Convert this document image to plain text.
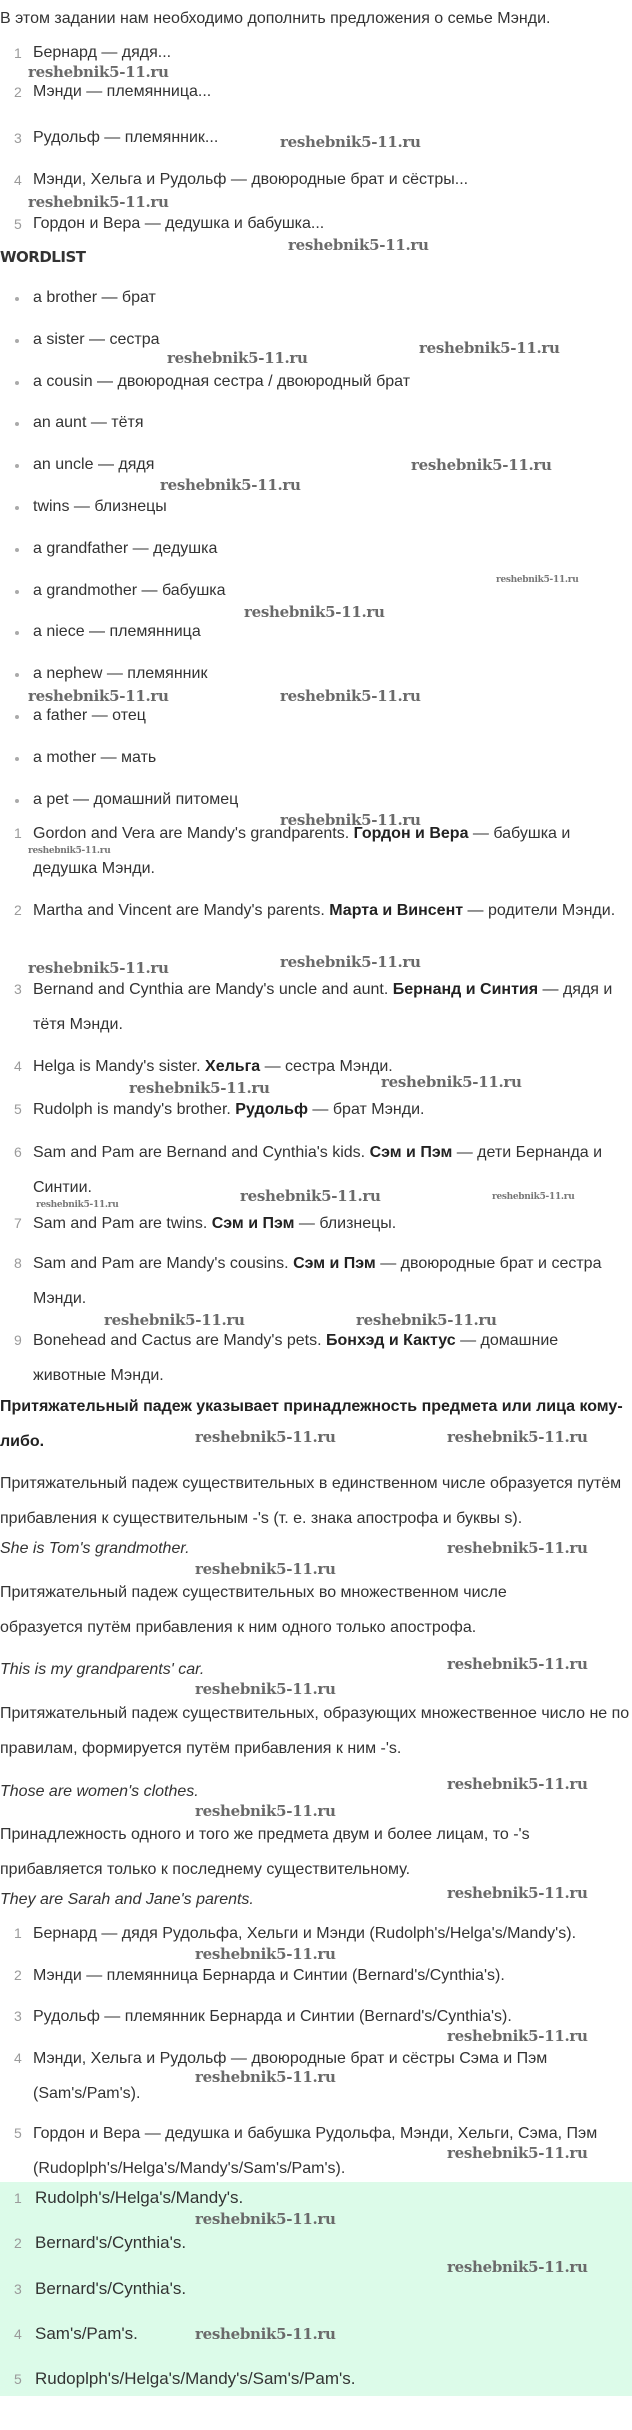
В этом задании нам необходимо дополнить предложения о семье Мэнди.
1 Бернард — дядя...
2 Мэнди — племянница...
3 Рудольф — племянник...
4 Мэнди, Хельга и Рудольф — двоюродные брат и сёстры...
5 Гордон и Вера — дедушка и бабушка...
WORDLIST
a brother — брат
a sister — сестра
a cousin — двоюродная сестра / двоюродный брат
an aunt — тётя
an uncle — дядя
twins — близнецы
a grandfather — дедушка
a grandmother — бабушка
a niece — племянница
a nephew — племянник
a father — отец
a mother — мать
a pet — домашний питомец
1 Gordon and Vera are Mandy's grandparents. Гордон и Вера — бабушка и дедушка Мэнди.
2 Martha and Vincent are Mandy's parents. Марта и Винсент — родители Мэнди.
3 Bernand and Cynthia are Mandy's uncle and aunt. Бернанд и Синтия — дядя и тётя Мэнди.
4 Helga is Mandy's sister. Хельга — сестра Мэнди.
5 Rudolph is mandy's brother. Рудольф — брат Мэнди.
6 Sam and Pam are Bernand and Cynthia's kids. Сэм и Пэм — дети Бернанда и Синтии.
7 Sam and Pam are twins. Сэм и Пэм — близнецы.
8 Sam and Pam are Mandy's cousins. Сэм и Пэм — двоюродные брат и сестра Мэнди.
9 Bonehead and Cactus are Mandy's pets. Бонхэд и Кактус — домашние животные Мэнди.
Притяжательный падеж указывает принадлежность предмета или лица кому-либо.
Притяжательный падеж существительных в единственном числе образуется путём прибавления к существительным -'s (т. е. знака апострофа и буквы s).
She is Tom's grandmother.
Притяжательный падеж существительных во множественном числе образуется путём прибавления к ним одного только апострофа.
This is my grandparents' car.
Притяжательный падеж существительных, образующих множественное число не по правилам, формируется путём прибавления к ним -'s.
Those are women's clothes.
Принадлежность одного и того же предмета двум и более лицам, то -'s прибавляется только к последнему существительному.
They are Sarah and Jane's parents.
1 Бернард — дядя Рудольфа, Хельги и Мэнди (Rudolph's/Helga's/Mandy's).
2 Мэнди — племянница Бернарда и Синтии (Bernard's/Cynthia's).
3 Рудольф — племянник Бернарда и Синтии (Bernard's/Cynthia's).
4 Мэнди, Хельга и Рудольф — двоюродные брат и сёстры Сэма и Пэм (Sam's/Pam's).
5 Гордон и Вера — дедушка и бабушка Рудольфа, Мэнди, Хельги, Сэма, Пэм (Rudoplph's/Helga's/Mandy's/Sam's/Pam's).
1 Rudolph's/Helga's/Mandy's.
2 Bernard's/Cynthia's.
3 Bernard's/Cynthia's.
4 Sam's/Pam's.
5 Rudoplph's/Helga's/Mandy's/Sam's/Pam's.
reshebnik5-11.ru
reshebnik5-11.ru
reshebnik5-11.ru
reshebnik5-11.ru
reshebnik5-11.ru
reshebnik5-11.ru
reshebnik5-11.ru
reshebnik5-11.ru
reshebnik5-11.ru
reshebnik5-11.ru
reshebnik5-11.ru	reshebnik5-11.ru
reshebnik5-11.ru
reshebnik5-11.ru
reshebnik5-11.ru	reshebnik5-11.ru
reshebnik5-11.ru	reshebnik5-11.ru
reshebnik5-11.ru
reshebnik5-11.ru	reshebnik5-11.ru
reshebnik5-11.ru	reshebnik5-11.ru
reshebnik5-11.ru	reshebnik5-11.ru
reshebnik5-11.ru
reshebnik5-11.ru
reshebnik5-11.ru
reshebnik5-11.ru
reshebnik5-11.ru
reshebnik5-11.ru
reshebnik5-11.ru
reshebnik5-11.ru
reshebnik5-11.ru
reshebnik5-11.ru
reshebnik5-11.ru
reshebnik5-11.ru
reshebnik5-11.ru
reshebnik5-11.ru
